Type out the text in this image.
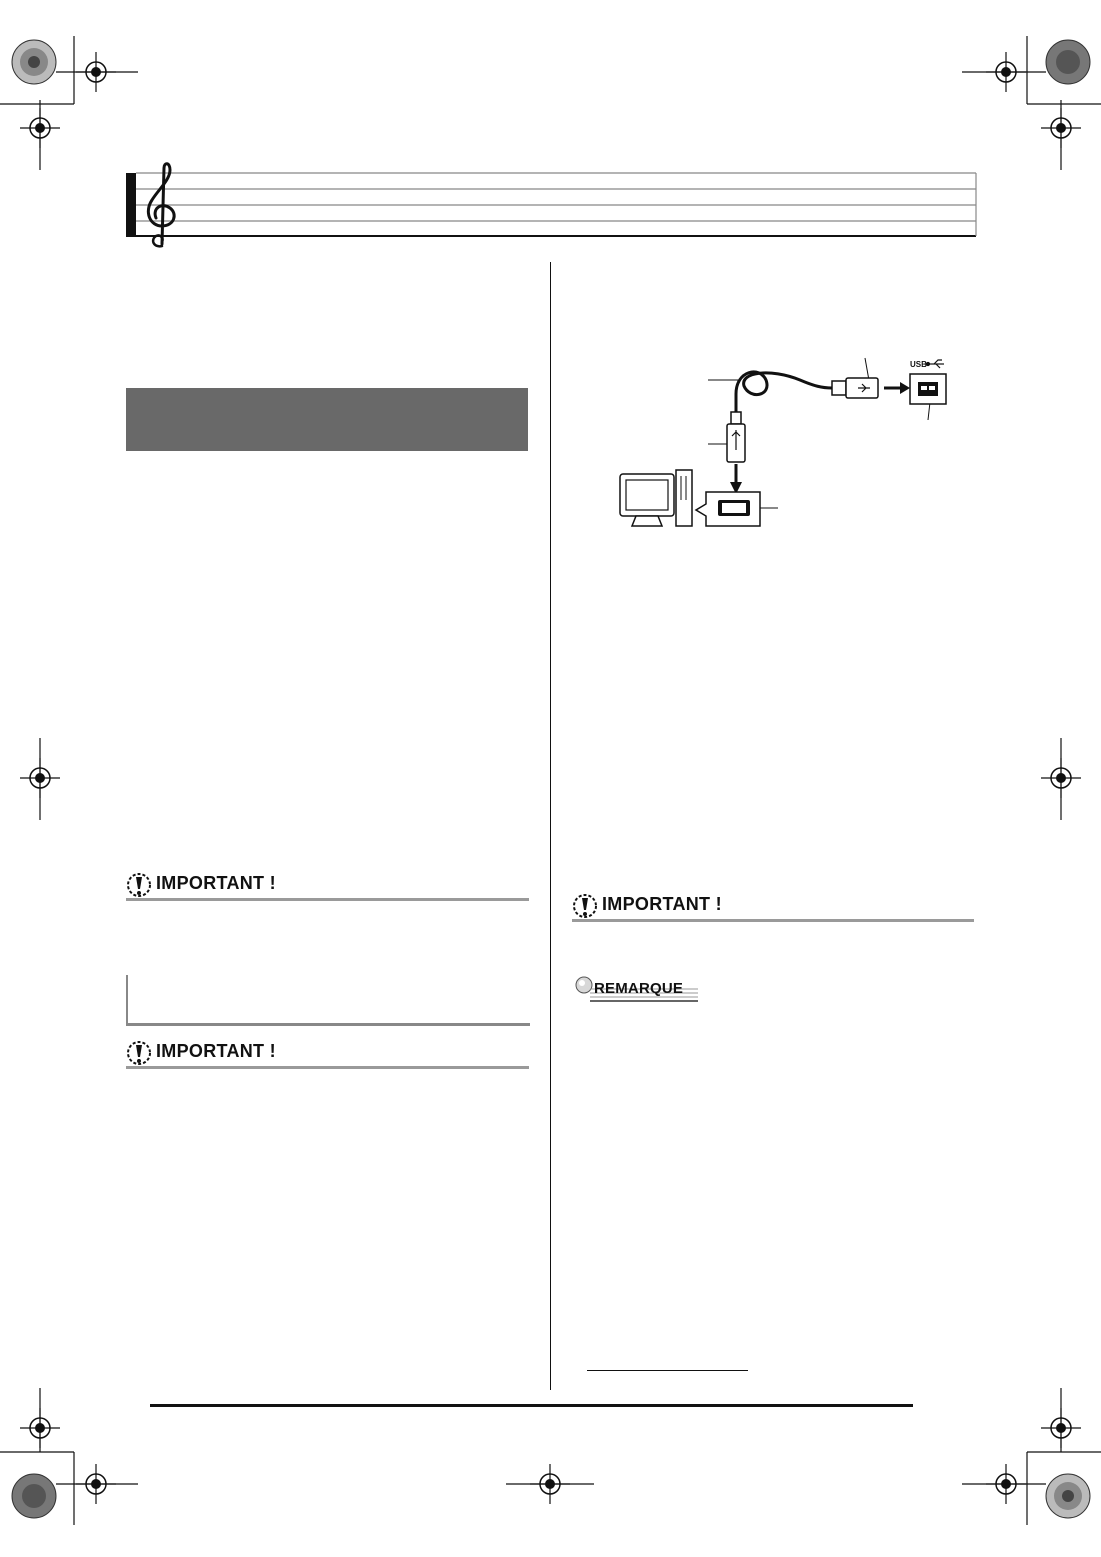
IMPORTANT !
IMPORTANT !
USB
IMPORTANT !
REMARQUE
